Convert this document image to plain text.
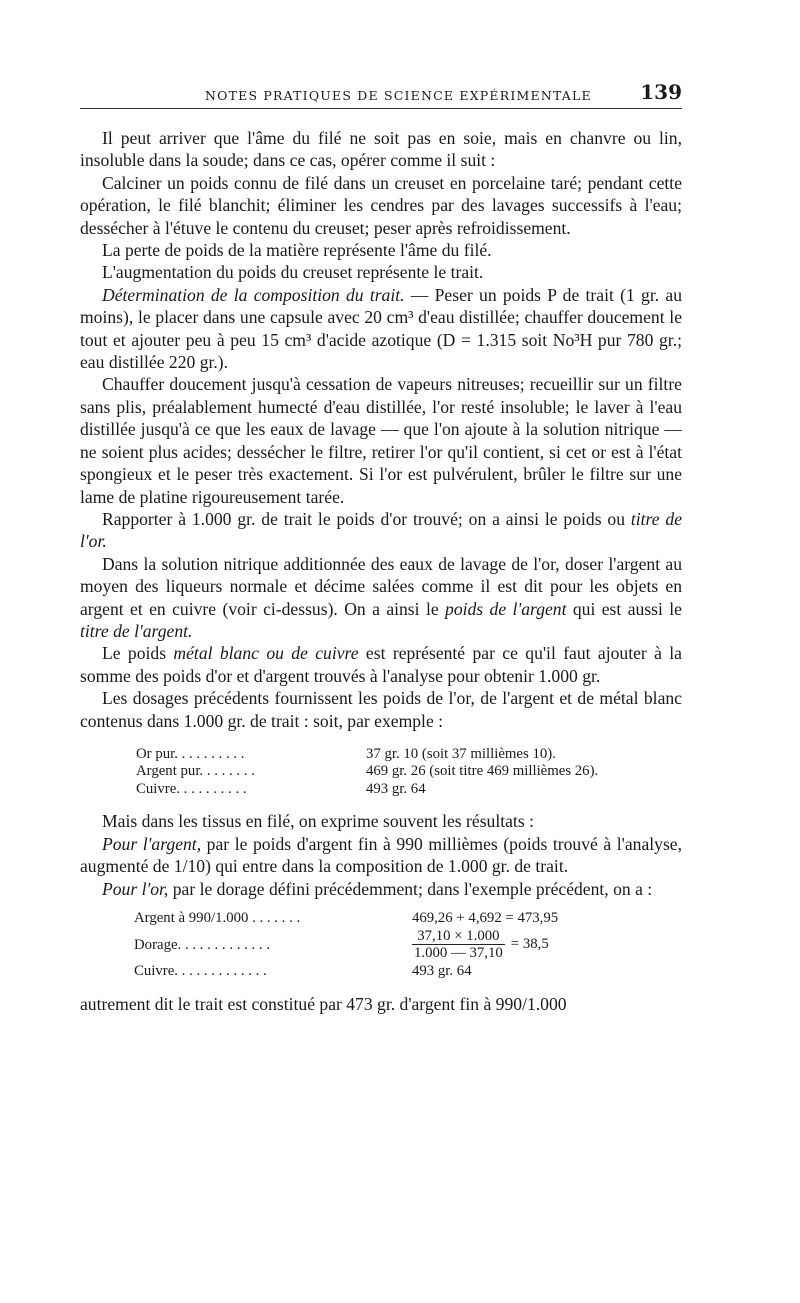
NOTES PRATIQUES DE SCIENCE EXPÉRIMENTALE 139

Il peut arriver que l'âme du filé ne soit pas en soie, mais en chanvre ou lin, insoluble dans la soude; dans ce cas, opérer comme il suit :

Calciner un poids connu de filé dans un creuset en porcelaine taré; pendant cette opération, le filé blanchit; éliminer les cendres par des lavages successifs à l'eau; dessécher à l'étuve le contenu du creuset; peser après refroidissement.

La perte de poids de la matière représente l'âme du filé.

L'augmentation du poids du creuset représente le trait.

Détermination de la composition du trait. — Peser un poids P de trait (1 gr. au moins), le placer dans une capsule avec 20 cm³ d'eau distillée; chauffer doucement le tout et ajouter peu à peu 15 cm³ d'acide azotique (D = 1.315 soit No³H pur 780 gr.; eau distillée 220 gr.).

Chauffer doucement jusqu'à cessation de vapeurs nitreuses; recueillir sur un filtre sans plis, préalablement humecté d'eau distillée, l'or resté insoluble; le laver à l'eau distillée jusqu'à ce que les eaux de lavage — que l'on ajoute à la solution nitrique — ne soient plus acides; dessécher le filtre, retirer l'or qu'il contient, si cet or est à l'état spongieux et le peser très exactement. Si l'or est pulvérulent, brûler le filtre sur une lame de platine rigoureusement tarée.

Rapporter à 1.000 gr. de trait le poids d'or trouvé; on a ainsi le poids ou titre de l'or.

Dans la solution nitrique additionnée des eaux de lavage de l'or, doser l'argent au moyen des liqueurs normale et décime salées comme il est dit pour les objets en argent et en cuivre (voir ci-dessus). On a ainsi le poids de l'argent qui est aussi le titre de l'argent.

Le poids métal blanc ou de cuivre est représenté par ce qu'il faut ajouter à la somme des poids d'or et d'argent trouvés à l'analyse pour obtenir 1.000 gr.

Les dosages précédents fournissent les poids de l'or, de l'argent et de métal blanc contenus dans 1.000 gr. de trait : soit, par exemple :

Or pur. . . . . . . . . .	37 gr. 10 (soit 37 millièmes 10).
Argent pur. . . . . . . .	469 gr. 26 (soit titre 469 millièmes 26).
Cuivre. . . . . . . . . .	493 gr. 64

Mais dans les tissus en filé, on exprime souvent les résultats :

Pour l'argent, par le poids d'argent fin à 990 millièmes (poids trouvé à l'analyse, augmenté de 1/10) qui entre dans la composition de 1.000 gr. de trait.

Pour l'or, par le dorage défini précédemment; dans l'exemple précédent, on a :

Argent à 990/1.000 . . . . . . .	469,26 + 4,692 = 473,95
Dorage. . . . . . . . . . . . .	$\frac{37,10 \times 1.000}{1.000 — 37,10} = 38,5$
Cuivre. . . . . . . . . . . . .	493 gr. 64

autrement dit le trait est constitué par 473 gr. d'argent fin à 990/1.000
